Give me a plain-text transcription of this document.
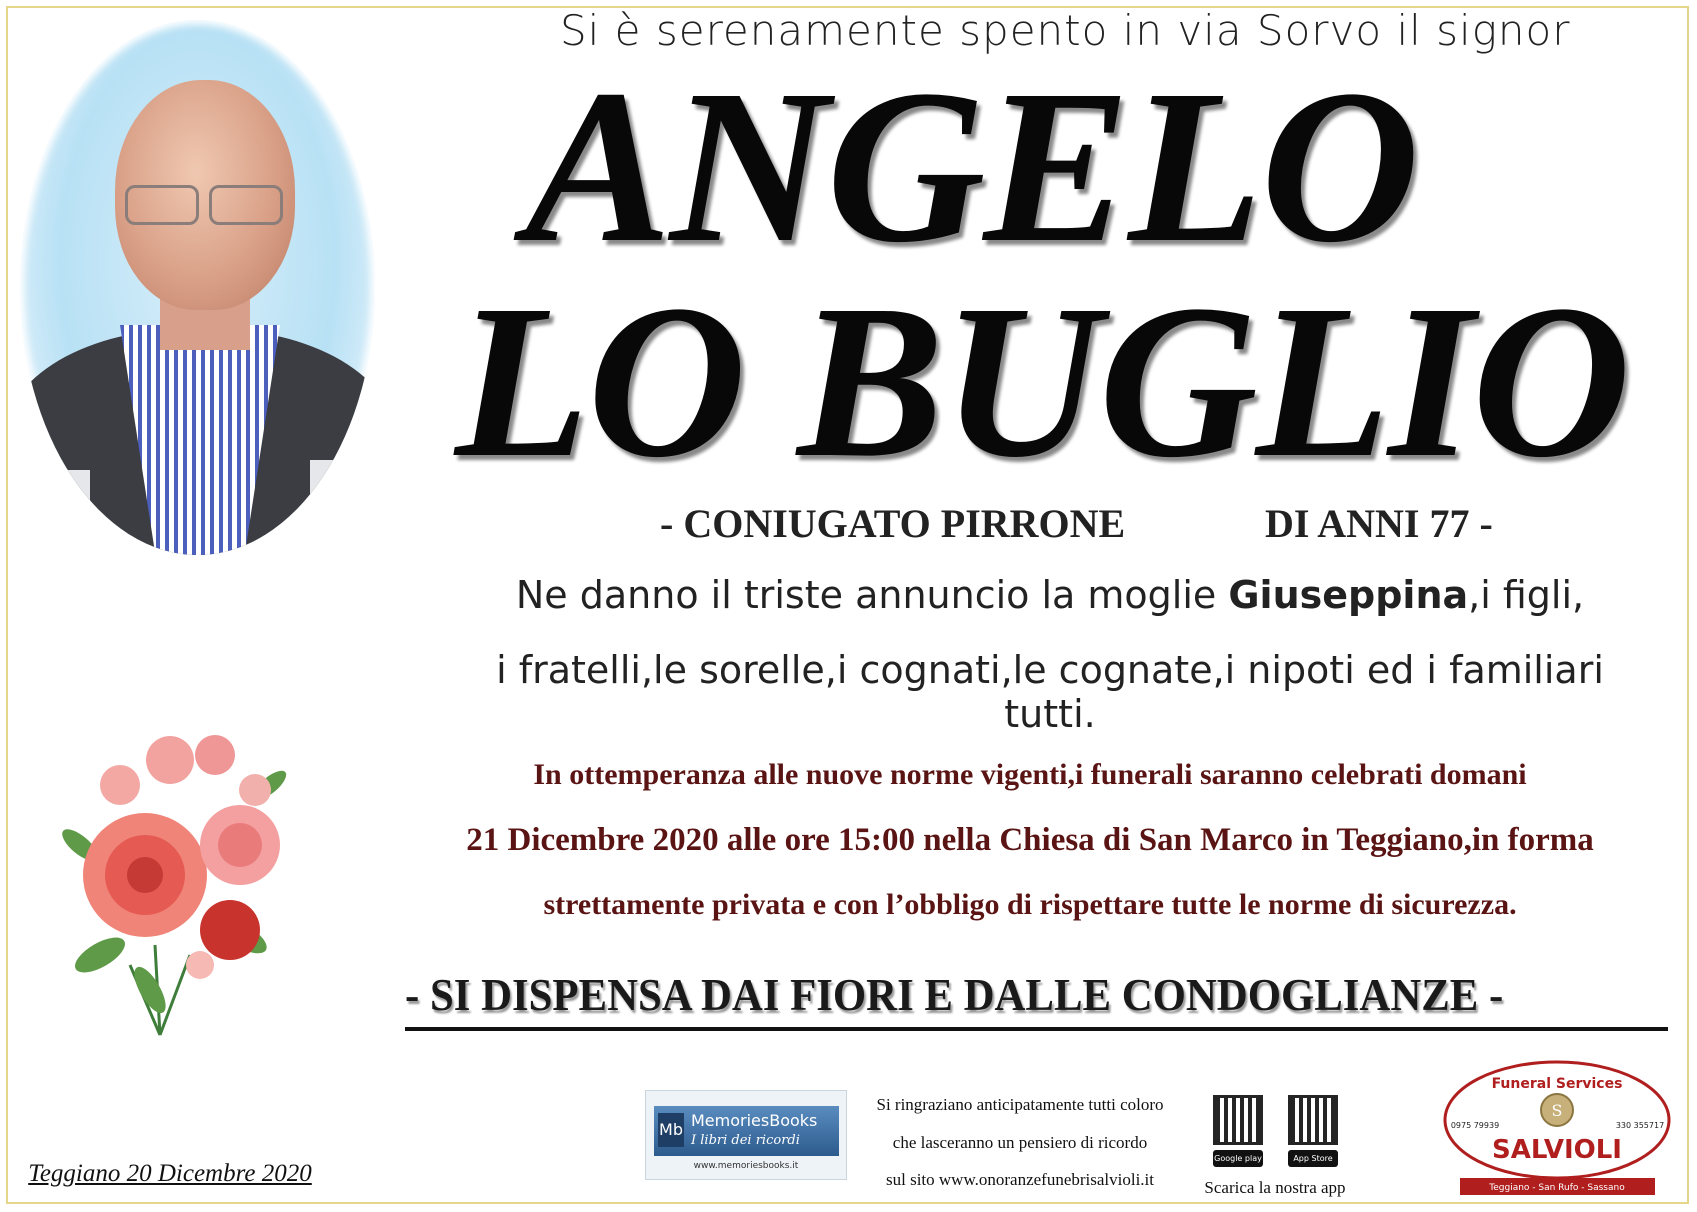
Teggiano 20 Dicembre 2020
Si è serenamente spento in via Sorvo il signor
ANGELO
LO BUGLIO
- CONIUGATO PIRRONE	DI ANNI 77 -
Ne danno il triste annuncio la moglie Giuseppina,i figli,
i fratelli,le sorelle,i cognati,le cognate,i nipoti ed i familiari tutti.
In ottemperanza alle nuove norme vigenti,i funerali saranno celebrati domani
21 Dicembre 2020 alle ore 15:00 nella Chiesa di San Marco in Teggiano,in forma
strettamente privata e con l’obbligo di rispettare tutte le norme di sicurezza.
- SI DISPENSA DAI FIORI E DALLE CONDOGLIANZE -
Mb MemoriesBooks
I libri dei ricordi
www.memoriesbooks.it
Si ringraziano anticipatamente tutti coloro
che lasceranno un pensiero di ricordo
sul sito www.onoranzefunebrisalvioli.it
Google play	App Store
Scarica la nostra app
Funeral Services
S
SALVIOLI
0975 79939	330 355717
Teggiano - San Rufo - Sassano
